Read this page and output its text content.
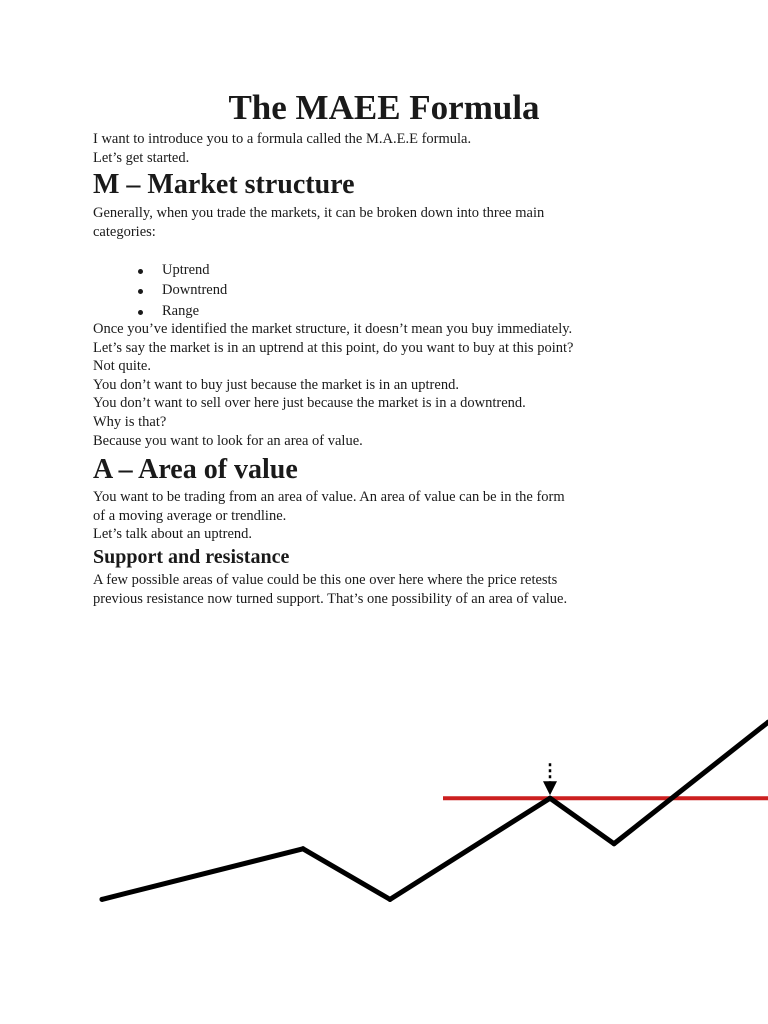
The MAEE Formula

I want to introduce you to a formula called the M.A.E.E formula.

Let’s get started.

M – Market structure

Generally, when you trade the markets, it can be broken down into three main

categories:

Uptrend
Downtrend
Range

Once you’ve identified the market structure, it doesn’t mean you buy immediately.

Let’s say the market is in an uptrend at this point, do you want to buy at this point?

Not quite.

You don’t want to buy just because the market is in an uptrend.

You don’t want to sell over here just because the market is in a downtrend.

Why is that?

Because you want to look for an area of value.

A – Area of value

You want to be trading from an area of value. An area of value can be in the form

of a moving average or trendline.

Let’s talk about an uptrend.

Support and resistance

A few possible areas of value could be this one over here where the price retests

previous resistance now turned support. That’s one possibility of an area of value.
